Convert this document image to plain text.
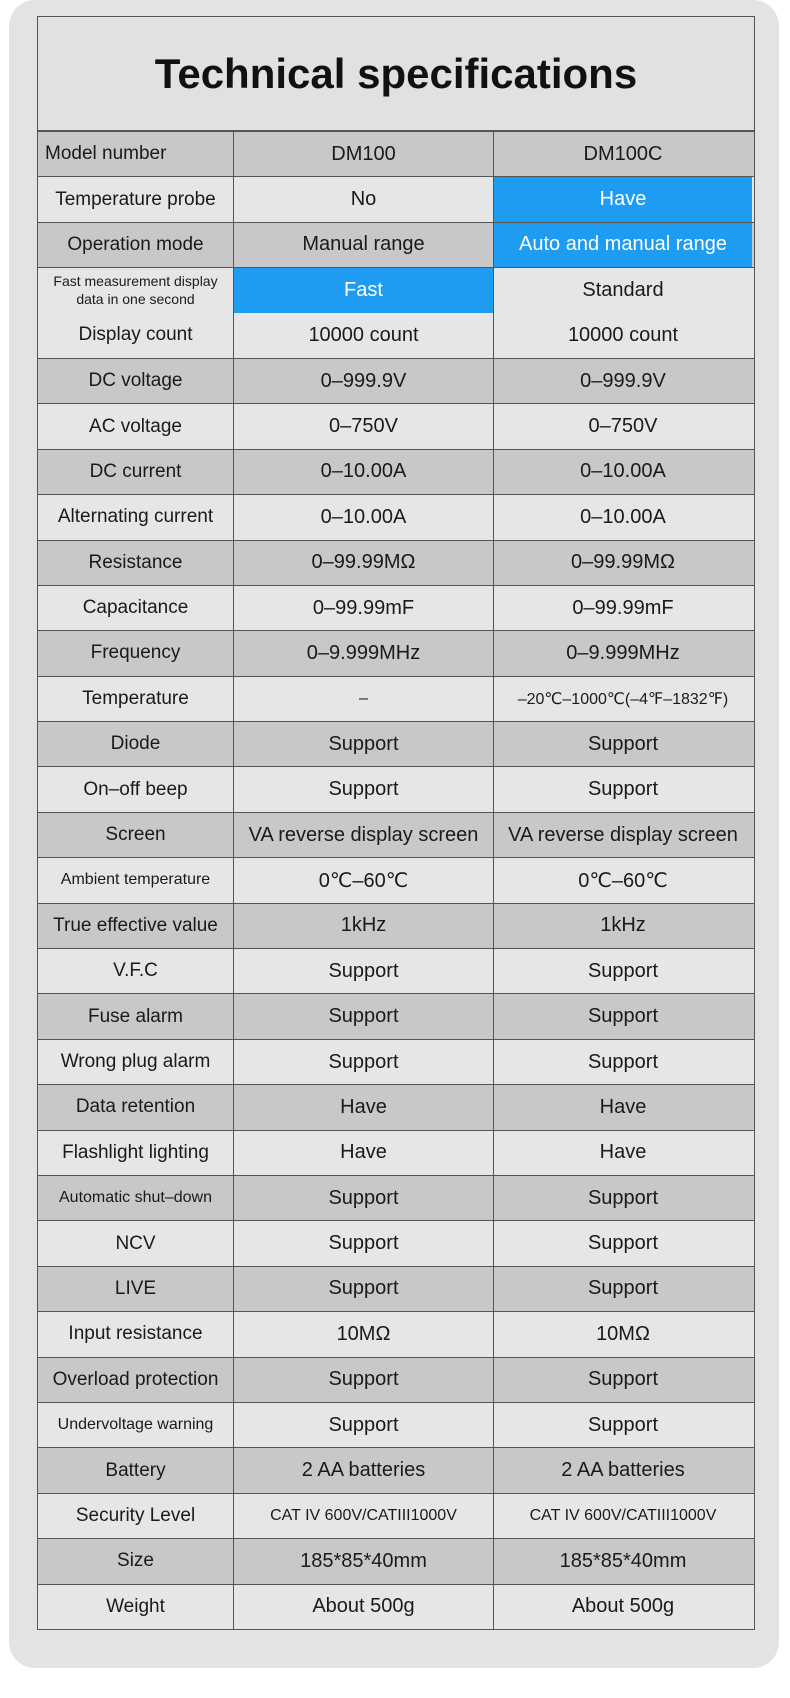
Technical specifications
Model number	DM100	DM100C
Temperature probe	No	Have
Operation mode	Manual range	Auto and manual range
Fast measurement display data in one second	Fast	Standard
Display count	10000 count	10000 count
DC voltage	0–999.9V	0–999.9V
AC voltage	0–750V	0–750V
DC current	0–10.00A	0–10.00A
Alternating current	0–10.00A	0–10.00A
Resistance	0–99.99MΩ	0–99.99MΩ
Capacitance	0–99.99mF	0–99.99mF
Frequency	0–9.999MHz	0–9.999MHz
Temperature	–	–20℃–1000℃(–4℉–1832℉)
Diode	Support	Support
On–off beep	Support	Support
Screen	VA reverse display screen	VA reverse display screen
Ambient temperature	0℃–60℃	0℃–60℃
True effective value	1kHz	1kHz
V.F.C	Support	Support
Fuse alarm	Support	Support
Wrong plug alarm	Support	Support
Data retention	Have	Have
Flashlight lighting	Have	Have
Automatic shut–down	Support	Support
NCV	Support	Support
LIVE	Support	Support
Input resistance	10MΩ	10MΩ
Overload protection	Support	Support
Undervoltage warning	Support	Support
Battery	2 AA batteries	2 AA batteries
Security Level	CAT IV 600V/CATIII1000V	CAT IV 600V/CATIII1000V
Size	185*85*40mm	185*85*40mm
Weight	About 500g	About 500g
